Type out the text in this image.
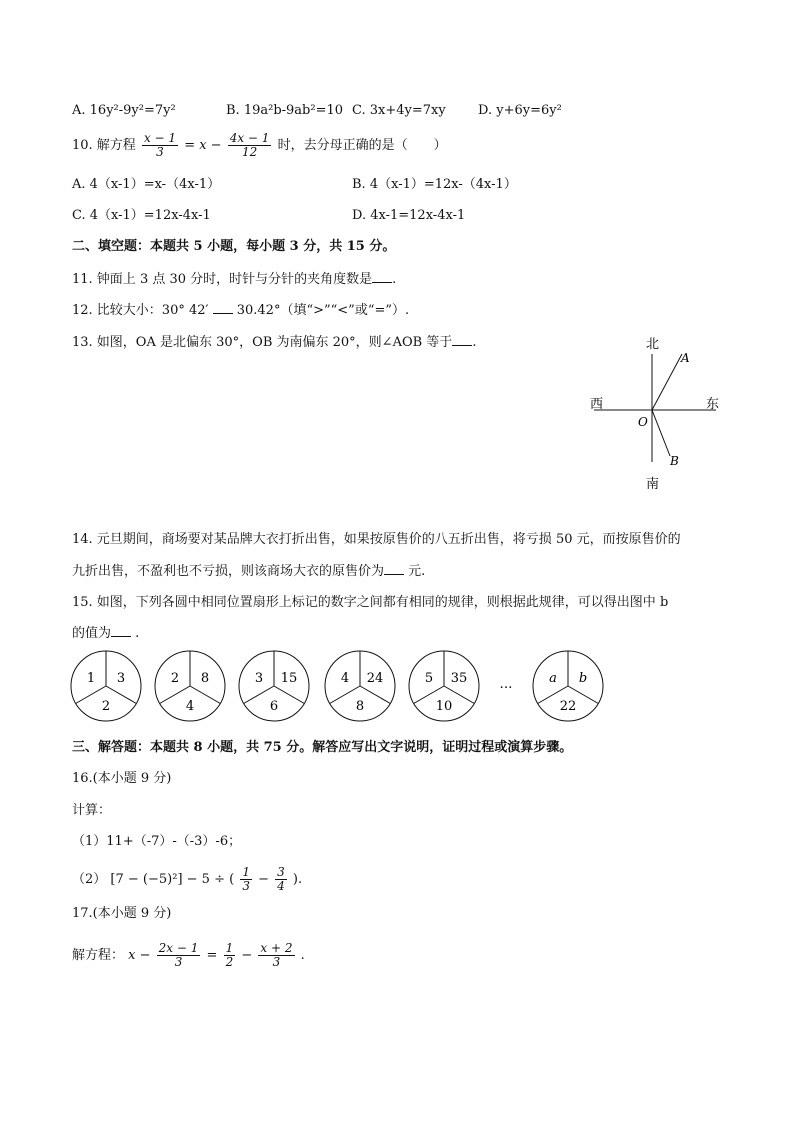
A. 16y²-9y²=7y²	B. 19a²b-9ab²=10 C. 3x+4y=7xy D. y+6y=6y²
10. 解方程 $\frac{x - 1}{3} = x - \frac{4x - 1}{12}$ 时，去分母正确的是（　　）
A. 4（x-1）=x-（4x-1）	B. 4（x-1）=12x-（4x-1）
C. 4（x-1）=12x-4x-1	D. 4x-1=12x-4x-1
二、填空题：本题共 5 小题，每小题 3 分，共 15 分。
11. 钟面上 3 点 30 分时，时针与分针的夹角度数是 .
12. 比较大小：30° 42′  30.42°（填“>”“<”或“=”）.
13. 如图，OA 是北偏东 30°，OB 为南偏东 20°，则∠AOB 等于 .	北
南
西	东
O
A
B
14. 元旦期间，商场要对某品牌大衣打折出售，如果按原售价的八五折出售，将亏损 50 元，而按原售价的
九折出售，不盈利也不亏损，则该商场大衣的原售价为 元.
15. 如图，下列各圆中相同位置扇形上标记的数字之间都有相同的规律，则根据此规律，可以得出图中 b
的值为 .
1 3
2
2 8
4
3 15
6
4 24
8
5 35
10
a b
22
…
三、解答题：本题共 8 小题，共 75 分。解答应写出文字说明，证明过程或演算步骤。
16.(本小题 9 分)
计算：
（1）11+（-7）-（-3）-6；
（2） [7 − (−5)²] − 5 ÷ ( $\frac{1}{3} - \frac{3}{4}$ ).
17.(本小题 9 分)
解方程： $x - \frac{2x - 1}{3} = \frac{1}{2} - \frac{x + 2}{3}$ .
